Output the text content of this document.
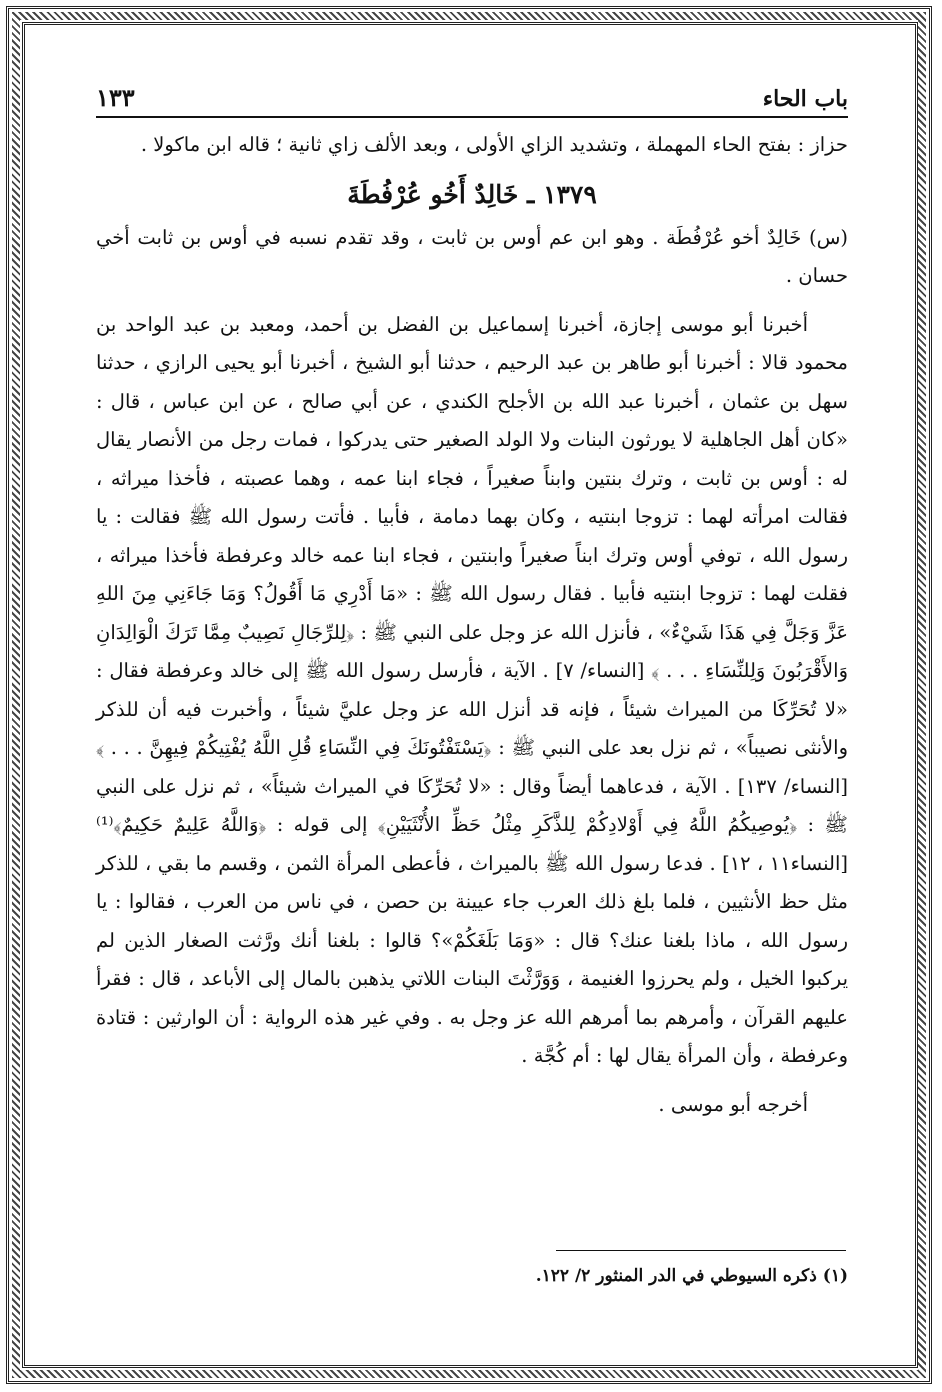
باب الحاء
١٣٣

حزاز : بفتح الحاء المهملة ، وتشديد الزاي الأولى ، وبعد الألف زاي ثانية ؛ قاله ابن ماكولا .

١٣٧٩ ـ خَالِدٌ أَخُو عُرْفُطَةَ

(س) خَالِدٌ أخو عُرْفُطَة . وهو ابن عم أوس بن ثابت ، وقد تقدم نسبه في أوس بن ثابت أخي حسان .

أخبرنا أبو موسى إجازة، أخبرنا إسماعيل بن الفضل بن أحمد، ومعبد بن عبد الواحد بن محمود قالا : أخبرنا أبو طاهر بن عبد الرحيم ، حدثنا أبو الشيخ ، أخبرنا أبو يحيى الرازي ، حدثنا سهل بن عثمان ، أخبرنا عبد الله بن الأجلح الكندي ، عن أبي صالح ، عن ابن عباس ، قال : «كان أهل الجاهلية لا يورثون البنات ولا الولد الصغير حتى يدركوا ، فمات رجل من الأنصار يقال له : أوس بن ثابت ، وترك بنتين وابناً صغيراً ، فجاء ابنا عمه ، وهما عصبته ، فأخذا ميراثه ، فقالت امرأته لهما : تزوجا ابنتيه ، وكان بهما دمامة ، فأبيا . فأتت رسول الله ﷺ فقالت : يا رسول الله ، توفي أوس وترك ابناً صغيراً وابنتين ، فجاء ابنا عمه خالد وعرفطة فأخذا ميراثه ، فقلت لهما : تزوجا ابنتيه فأبيا . فقال رسول الله ﷺ : «مَا أَدْرِي مَا أَقُولُ؟ وَمَا جَاءَنِي مِنَ اللهِ عَزَّ وَجَلَّ فِي هَذَا شَيْءٌ» ، فأنزل الله عز وجل على النبي ﷺ : ﴿لِلرِّجَالِ نَصِيبٌ مِمَّا تَرَكَ الْوَالِدَانِ وَالأَقْرَبُونَ وَلِلنِّسَاءِ . . . ﴾ [النساء/ ٧] . الآية ، فأرسل رسول الله ﷺ إلى خالد وعرفطة فقال : «لا تُحَرِّكَا من الميراث شيئاً ، فإنه قد أنزل الله عز وجل عليَّ شيئاً ، وأخبرت فيه أن للذكر والأنثى نصيباً» ، ثم نزل بعد على النبي ﷺ : ﴿يَسْتَفْتُونَكَ فِي النِّسَاءِ قُلِ اللَّهُ يُفْتِيكُمْ فِيهِنَّ . . . ﴾ [النساء/ ١٣٧] . الآية ، فدعاهما أيضاً وقال : «لا تُحَرِّكَا في الميراث شيئاً» ، ثم نزل على النبي ﷺ : ﴿يُوصِيكُمُ اللَّهُ فِي أَوْلادِكُمْ لِلذَّكَرِ مِثْلُ حَظِّ الأُنْثَيَيْنِ﴾ إلى قوله : ﴿وَاللَّهُ عَلِيمٌ حَكِيمٌ﴾⁽¹⁾ [النساء١١ ، ١٢] . فدعا رسول الله ﷺ بالميراث ، فأعطى المرأة الثمن ، وقسم ما بقي ، للذكر مثل حظ الأنثيين ، فلما بلغ ذلك العرب جاء عيينة بن حصن ، في ناس من العرب ، فقالوا : يا رسول الله ، ماذا بلغنا عنك؟ قال : «وَمَا بَلَغَكُمْ»؟ قالوا : بلغنا أنك ورَّثت الصغار الذين لم يركبوا الخيل ، ولم يحرزوا الغنيمة ، وَوَرَّثْتَ البنات اللاتي يذهبن بالمال إلى الأباعد ، قال : فقرأ عليهم القرآن ، وأمرهم بما أمرهم الله عز وجل به . وفي غير هذه الرواية : أن الوارثين : قتادة وعرفطة ، وأن المرأة يقال لها : أم كُجَّة .

أخرجه أبو موسى .

(١) ذكره السيوطي في الدر المنثور ٢/ ١٢٢.
